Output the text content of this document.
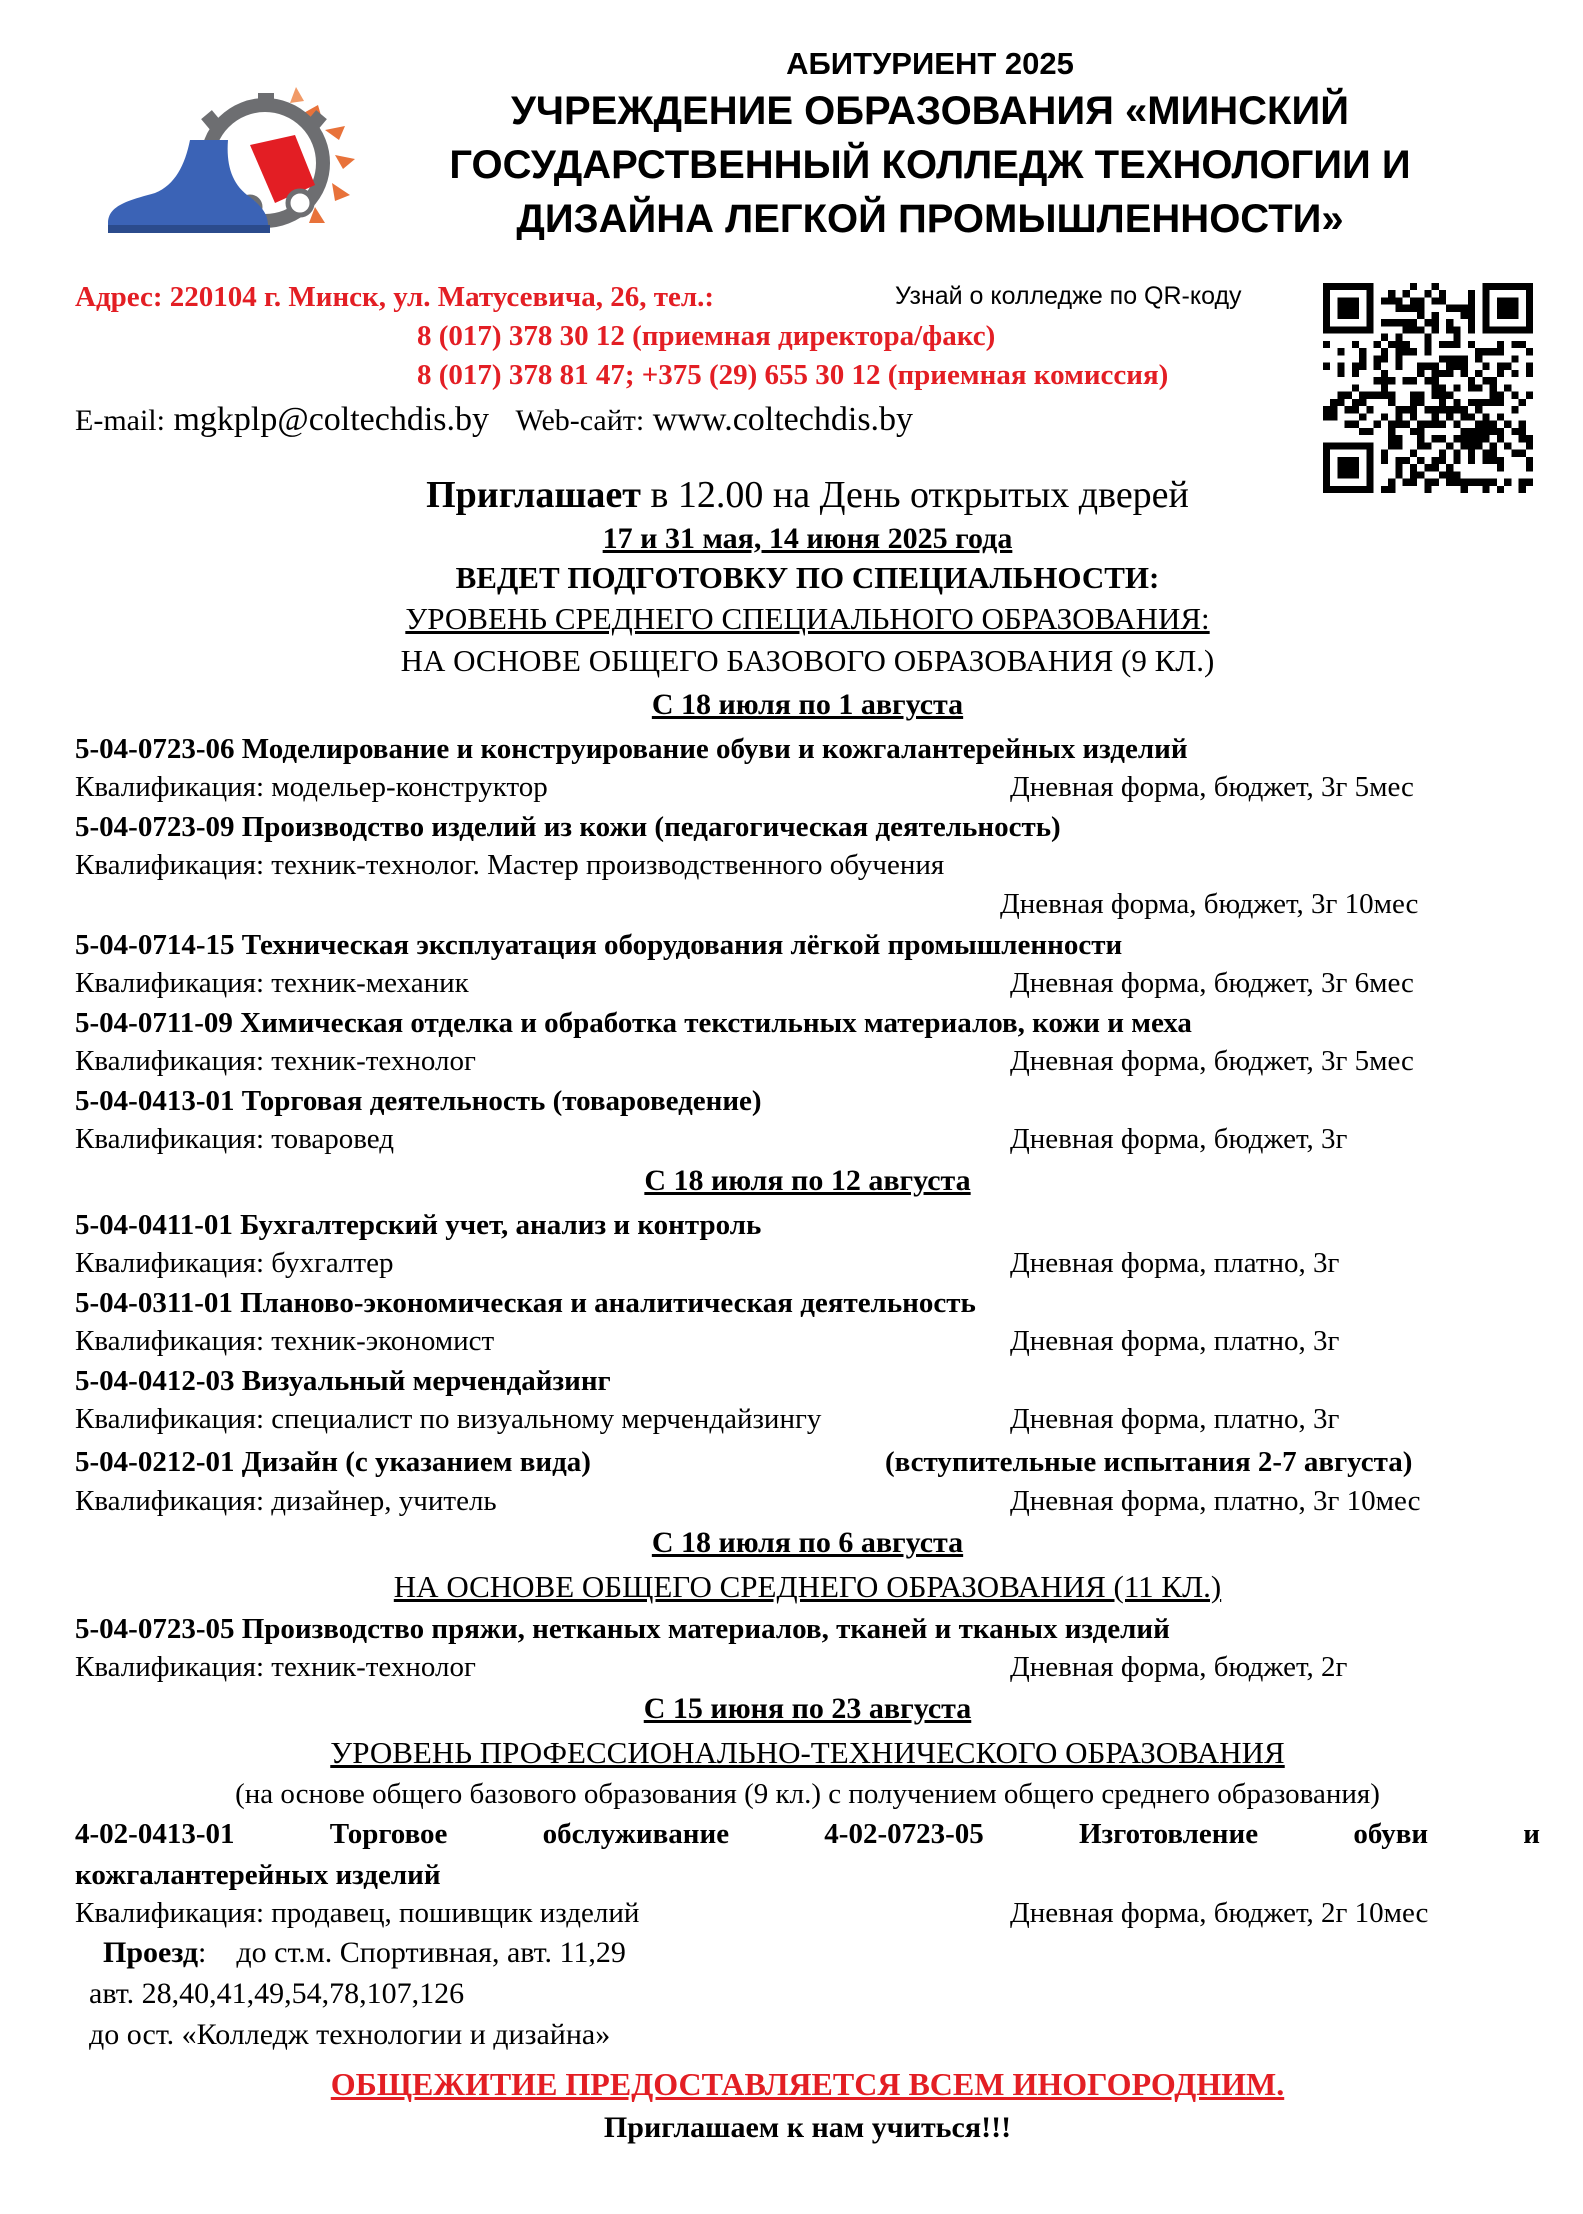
АБИТУРИЕНТ 2025
УЧРЕЖДЕНИЕ ОБРАЗОВАНИЯ «МИНСКИЙ
ГОСУДАРСТВЕННЫЙ КОЛЛЕДЖ ТЕХНОЛОГИИ И
ДИЗАЙНА ЛЕГКОЙ ПРОМЫШЛЕННОСТИ»
Адрес: 220104 г. Минск, ул. Матусевича, 26, тел.:	Узнай о колледже по QR-коду
8 (017) 378 30 12 (приемная директора/факс)
8 (017) 378 81 47; +375 (29) 655 30 12 (приемная комиссия)
E-mail: mgkplp@coltechdis.by Web-сайт: www.coltechdis.by
Приглашает в 12.00 на День открытых дверей
17 и 31 мая, 14 июня 2025 года
ВЕДЕТ ПОДГОТОВКУ ПО СПЕЦИАЛЬНОСТИ:
УРОВЕНЬ СРЕДНЕГО СПЕЦИАЛЬНОГО ОБРАЗОВАНИЯ:
НА ОСНОВЕ ОБЩЕГО БАЗОВОГО ОБРАЗОВАНИЯ (9 КЛ.)
С 18 июля по 1 августа
5-04-0723-06 Моделирование и конструирование обуви и кожгалантерейных изделий
Квалификация: модельер-конструктор	Дневная форма, бюджет, 3г 5мес
5-04-0723-09 Производство изделий из кожи (педагогическая деятельность)
Квалификация: техник-технолог. Мастер производственного обучения
Дневная форма, бюджет, 3г 10мес
5-04-0714-15 Техническая эксплуатация оборудования лёгкой промышленности
Квалификация: техник-механик	Дневная форма, бюджет, 3г 6мес
5-04-0711-09 Химическая отделка и обработка текстильных материалов, кожи и меха
Квалификация: техник-технолог	Дневная форма, бюджет, 3г 5мес
5-04-0413-01 Торговая деятельность (товароведение)
Квалификация: товаровед	Дневная форма, бюджет, 3г
С 18 июля по 12 августа
5-04-0411-01 Бухгалтерский учет, анализ и контроль
Квалификация: бухгалтер	Дневная форма, платно, 3г
5-04-0311-01 Планово-экономическая и аналитическая деятельность
Квалификация: техник-экономист	Дневная форма, платно, 3г
5-04-0412-03 Визуальный мерчендайзинг
Квалификация: специалист по визуальному мерчендайзингу	Дневная форма, платно, 3г
5-04-0212-01 Дизайн (с указанием вида)	(вступительные испытания 2-7 августа)
Квалификация: дизайнер, учитель	Дневная форма, платно, 3г 10мес
С 18 июля по 6 августа
НА ОСНОВЕ ОБЩЕГО СРЕДНЕГО ОБРАЗОВАНИЯ (11 КЛ.)
5-04-0723-05 Производство пряжи, нетканых материалов, тканей и тканых изделий
Квалификация: техник-технолог	Дневная форма, бюджет, 2г
С 15 июня по 23 августа
УРОВЕНЬ ПРОФЕССИОНАЛЬНО-ТЕХНИЧЕСКОГО ОБРАЗОВАНИЯ
(на основе общего базового образования (9 кл.) с получением общего среднего образования)
4-02-0413-01	Торговое	обслуживание	4-02-0723-05	Изготовление	обуви	и
кожгалантерейных изделий
Квалификация: продавец, пошивщик изделий	Дневная форма, бюджет, 2г 10мес
Проезд:    до ст.м. Спортивная, авт. 11,29
авт. 28,40,41,49,54,78,107,126
до ост. «Колледж технологии и дизайна»
ОБЩЕЖИТИЕ ПРЕДОСТАВЛЯЕТСЯ ВСЕМ ИНОГОРОДНИМ.
Приглашаем к нам учиться!!!
